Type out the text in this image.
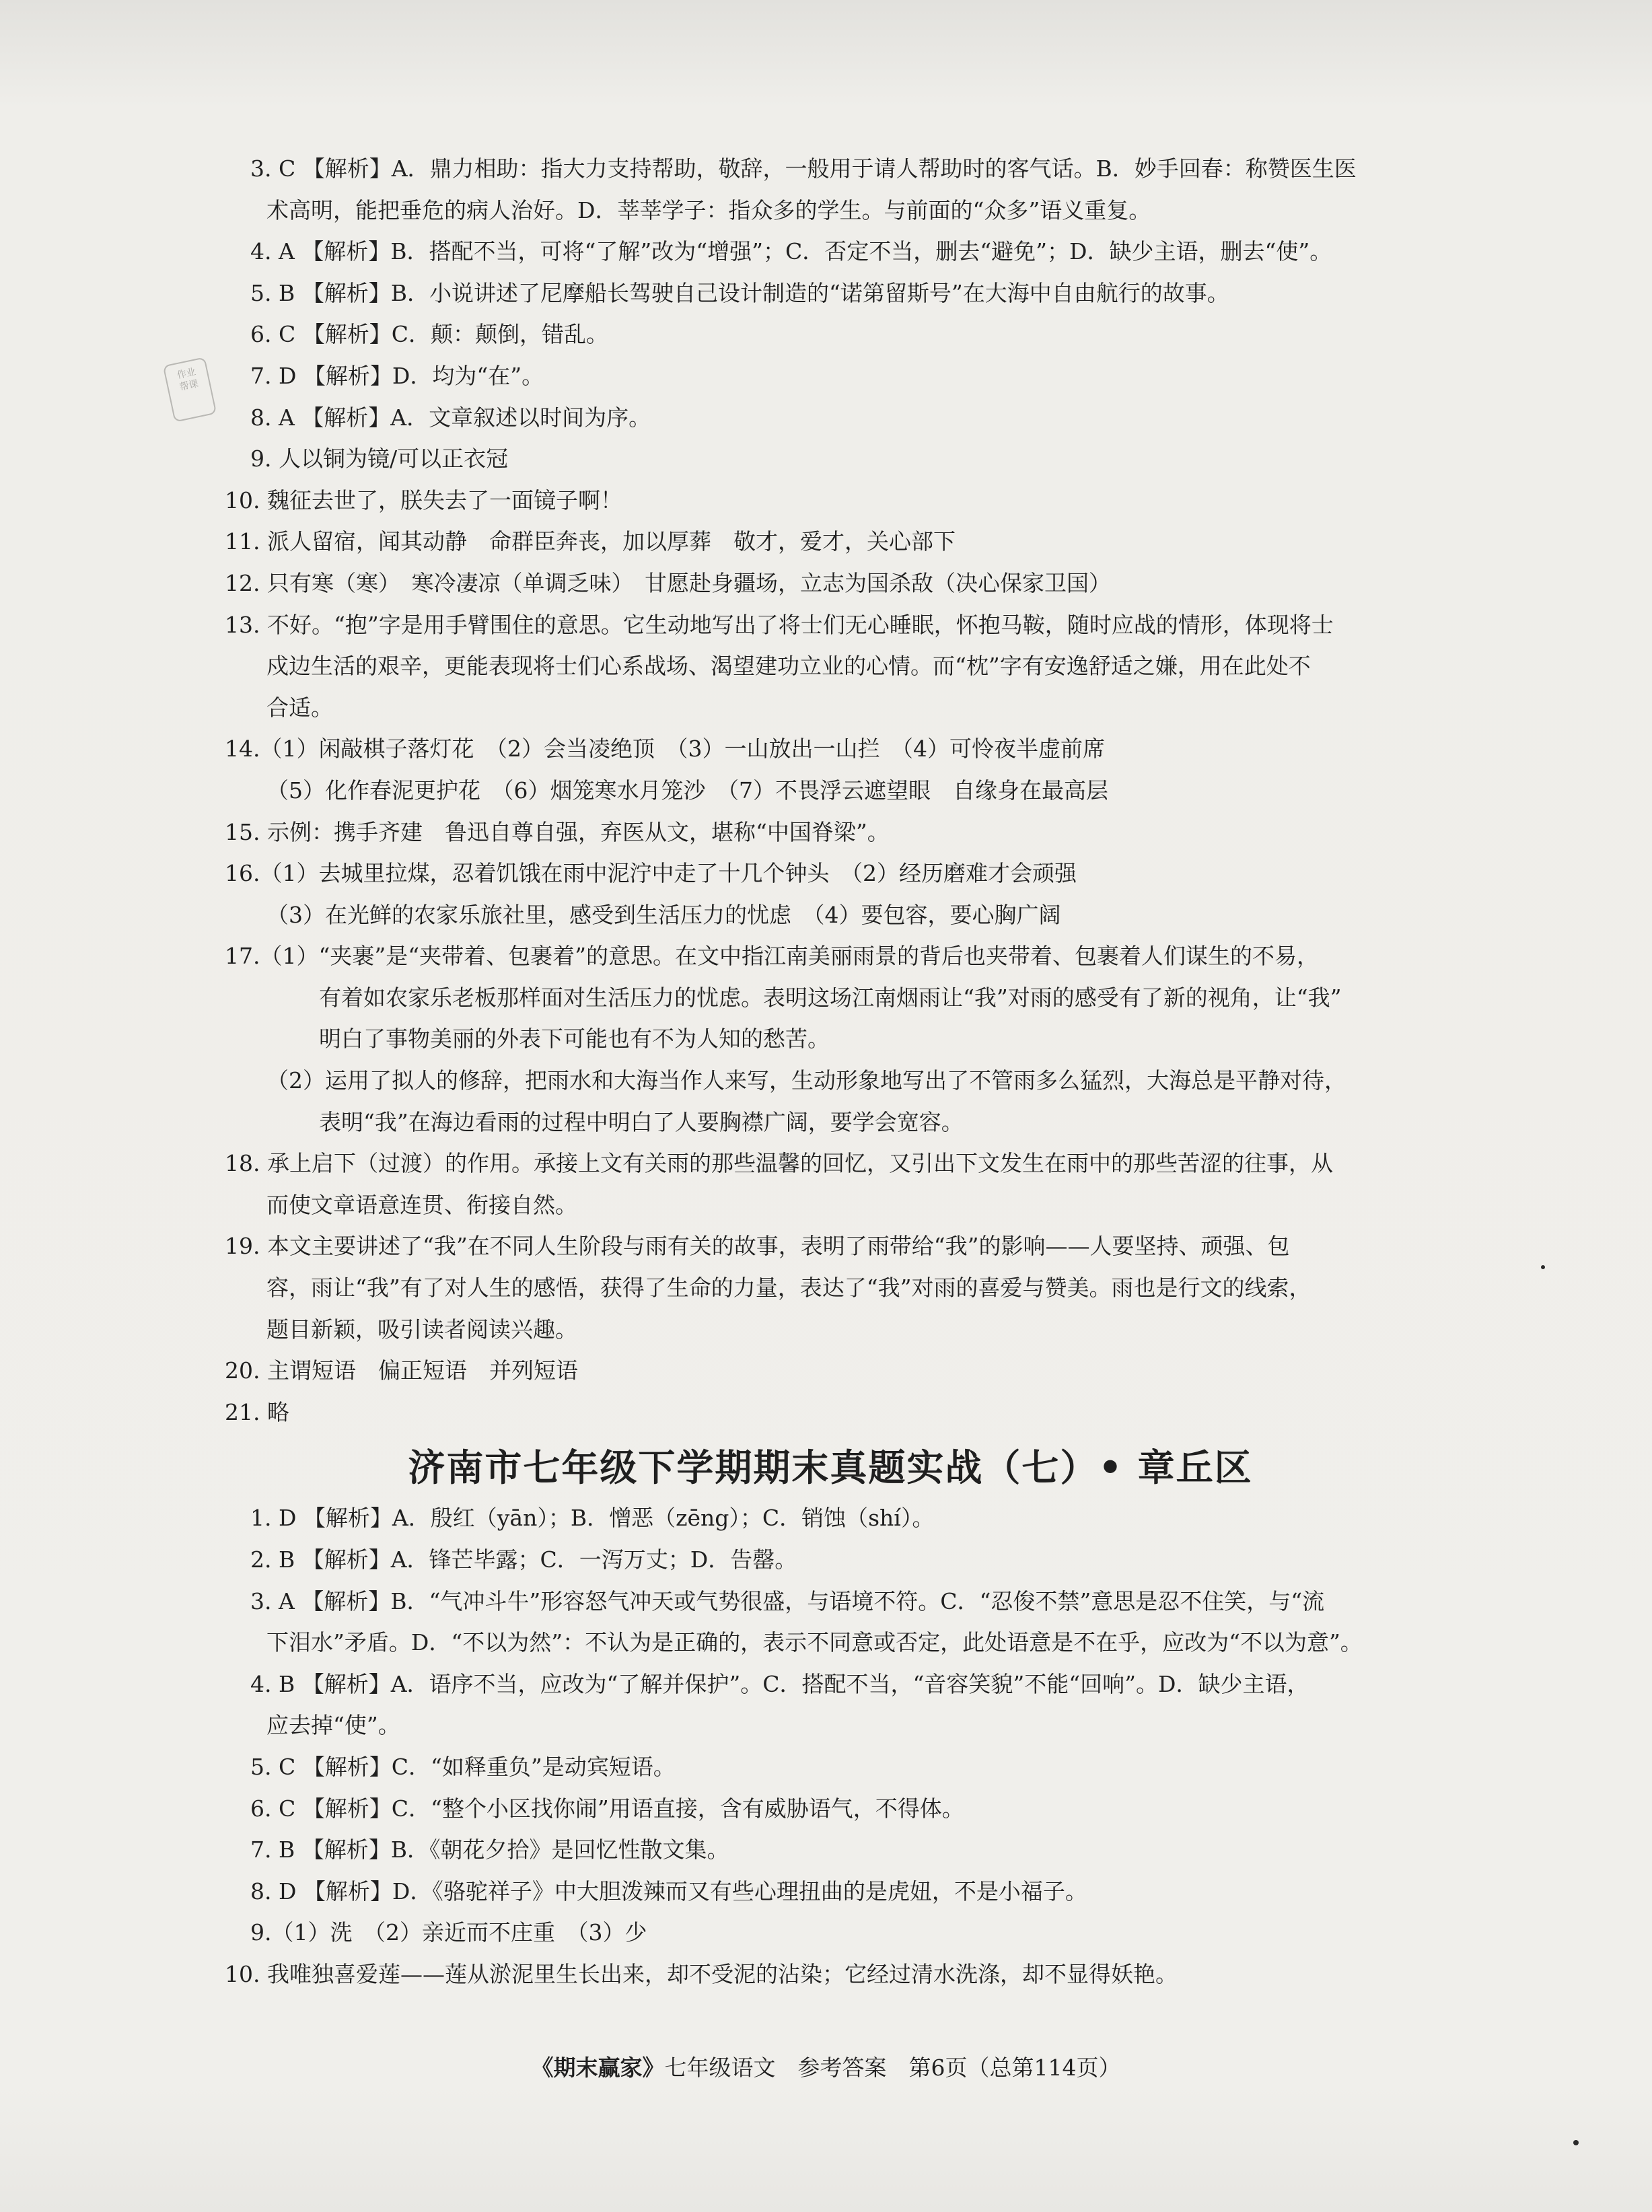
作业
帮课
3. C 【解析】A．鼎力相助：指大力支持帮助，敬辞，一般用于请人帮助时的客气话。B．妙手回春：称赞医生医
术高明，能把垂危的病人治好。D．莘莘学子：指众多的学生。与前面的“众多”语义重复。
4. A 【解析】B．搭配不当，可将“了解”改为“增强”；C．否定不当，删去“避免”；D．缺少主语，删去“使”。
5. B 【解析】B．小说讲述了尼摩船长驾驶自己设计制造的“诺第留斯号”在大海中自由航行的故事。
6. C 【解析】C．颠：颠倒，错乱。
7. D 【解析】D．均为“在”。
8. A 【解析】A．文章叙述以时间为序。
9. 人以铜为镜/可以正衣冠
10. 魏征去世了，朕失去了一面镜子啊！
11. 派人留宿，闻其动静　命群臣奔丧，加以厚葬　敬才，爱才，关心部下
12. 只有寒（寒）　寒冷凄凉（单调乏味）　甘愿赴身疆场，立志为国杀敌（决心保家卫国）
13. 不好。“抱”字是用手臂围住的意思。它生动地写出了将士们无心睡眠，怀抱马鞍，随时应战的情形，体现将士
戍边生活的艰辛，更能表现将士们心系战场、渴望建功立业的心情。而“枕”字有安逸舒适之嫌，用在此处不
合适。
14.（1）闲敲棋子落灯花　（2）会当凌绝顶　（3）一山放出一山拦　（4）可怜夜半虚前席
（5）化作春泥更护花　（6）烟笼寒水月笼沙　（7）不畏浮云遮望眼　自缘身在最高层
15. 示例：携手齐建　鲁迅自尊自强，弃医从文，堪称“中国脊梁”。
16.（1）去城里拉煤，忍着饥饿在雨中泥泞中走了十几个钟头　（2）经历磨难才会顽强
（3）在光鲜的农家乐旅社里，感受到生活压力的忧虑　（4）要包容，要心胸广阔
17.（1）“夹裹”是“夹带着、包裹着”的意思。在文中指江南美丽雨景的背后也夹带着、包裹着人们谋生的不易，
有着如农家乐老板那样面对生活压力的忧虑。表明这场江南烟雨让“我”对雨的感受有了新的视角，让“我”
明白了事物美丽的外表下可能也有不为人知的愁苦。
（2）运用了拟人的修辞，把雨水和大海当作人来写，生动形象地写出了不管雨多么猛烈，大海总是平静对待，
表明“我”在海边看雨的过程中明白了人要胸襟广阔，要学会宽容。
18. 承上启下（过渡）的作用。承接上文有关雨的那些温馨的回忆，又引出下文发生在雨中的那些苦涩的往事，从
而使文章语意连贯、衔接自然。
19. 本文主要讲述了“我”在不同人生阶段与雨有关的故事，表明了雨带给“我”的影响——人要坚持、顽强、包
容，雨让“我”有了对人生的感悟，获得了生命的力量，表达了“我”对雨的喜爱与赞美。雨也是行文的线索，
题目新颖，吸引读者阅读兴趣。
20. 主谓短语　偏正短语　并列短语
21. 略
济南市七年级下学期期末真题实战（七）• 章丘区
1. D 【解析】A．殷红（yān）；B．憎恶（zēng）；C．销蚀（shí）。
2. B 【解析】A．锋芒毕露；C．一泻万丈；D．告罄。
3. A 【解析】B．“气冲斗牛”形容怒气冲天或气势很盛，与语境不符。C．“忍俊不禁”意思是忍不住笑，与“流
下泪水”矛盾。D．“不以为然”：不认为是正确的，表示不同意或否定，此处语意是不在乎，应改为“不以为意”。
4. B 【解析】A．语序不当，应改为“了解并保护”。C．搭配不当，“音容笑貌”不能“回响”。D．缺少主语，
应去掉“使”。
5. C 【解析】C．“如释重负”是动宾短语。
6. C 【解析】C．“整个小区找你闹”用语直接，含有威胁语气，不得体。
7. B 【解析】B．《朝花夕拾》是回忆性散文集。
8. D 【解析】D．《骆驼祥子》中大胆泼辣而又有些心理扭曲的是虎妞，不是小福子。
9.（1）洗　（2）亲近而不庄重　（3）少
10. 我唯独喜爱莲——莲从淤泥里生长出来，却不受泥的沾染；它经过清水洗涤，却不显得妖艳。
《期末赢家》七年级语文　参考答案　第6页（总第114页）
